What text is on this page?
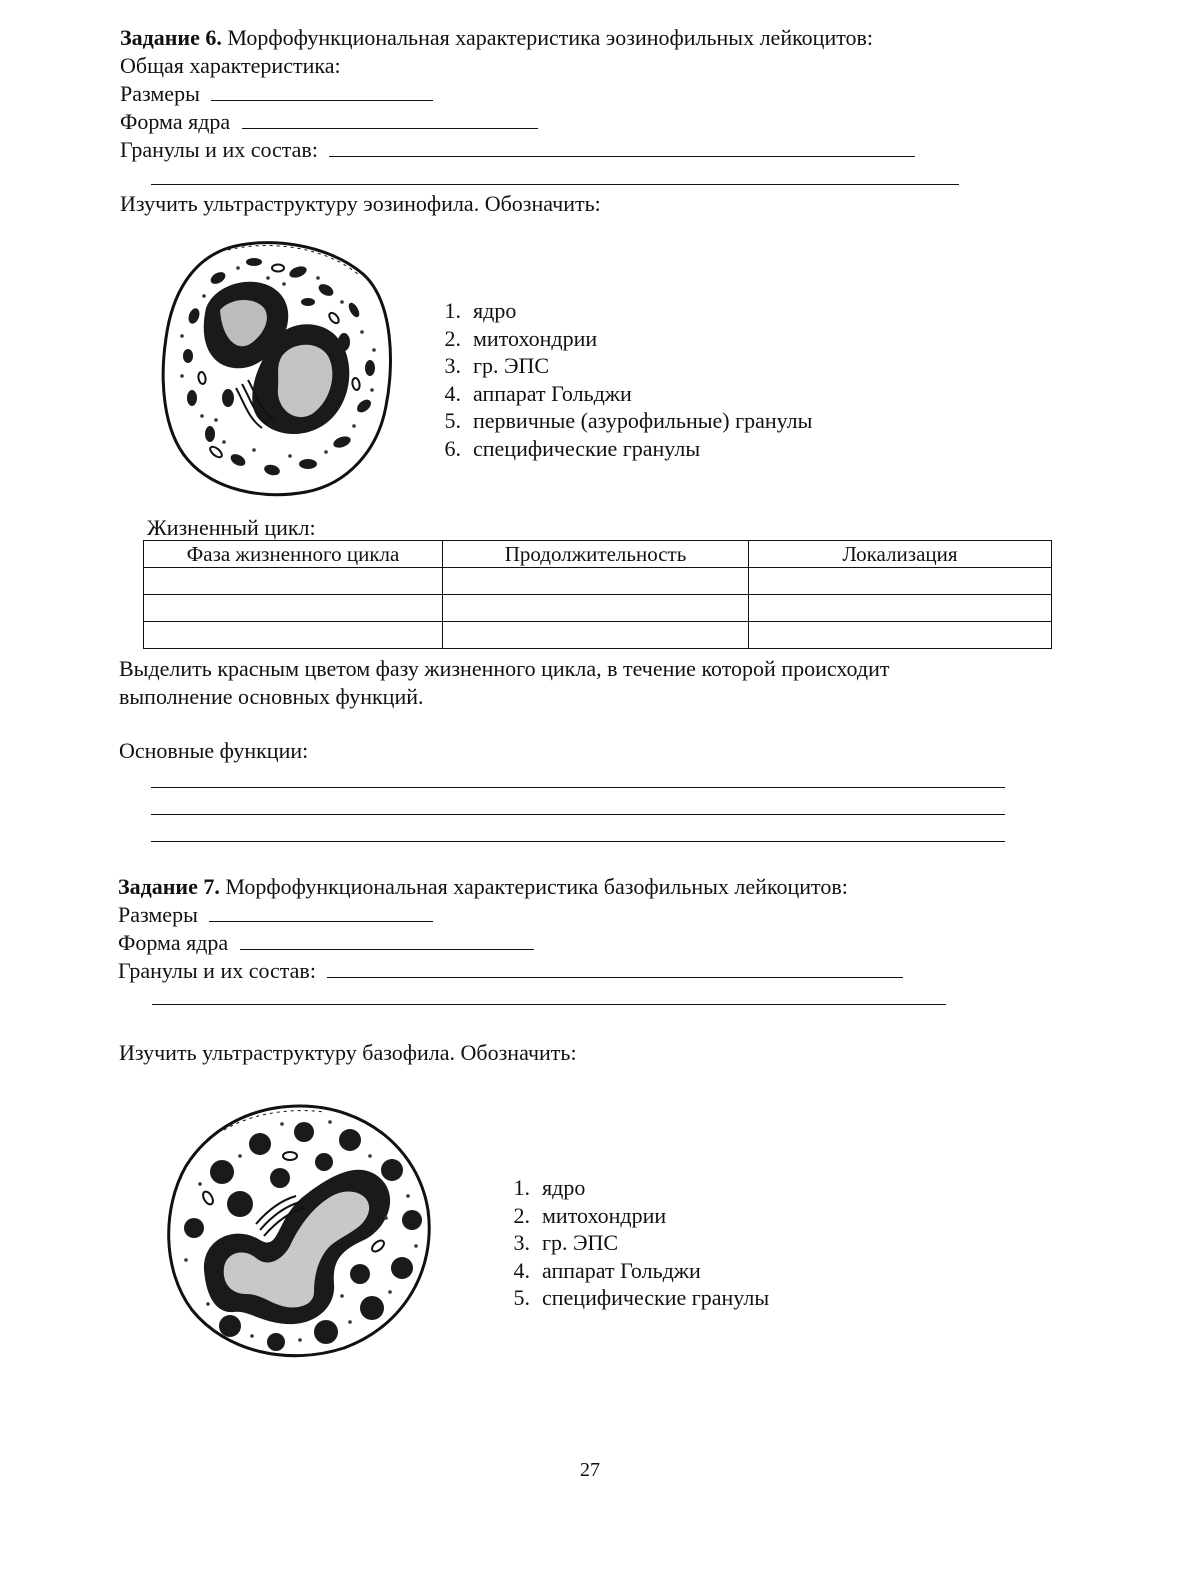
Задание 6. Морфофункциональная характеристика эозинофильных лейкоцитов:
Общая характеристика:
Размеры
Форма ядра
Гранулы и их состав:
Изучить ультраструктуру эозинофила. Обозначить:
1. ядро
2. митохондрии
3. гр. ЭПС
4. аппарат Гольджи
5. первичные (азурофильные) гранулы
6. специфические гранулы
Жизненный цикл:
Фаза жизненного цикла	Продолжительность	Локализация

Выделить красным цветом фазу жизненного цикла, в течение которой происходит
выполнение основных функций.
Основные функции:
Задание 7. Морфофункциональная характеристика базофильных лейкоцитов:
Размеры
Форма ядра
Гранулы и их состав:
Изучить ультраструктуру базофила. Обозначить:
1. ядро
2. митохондрии
3. гр. ЭПС
4. аппарат Гольджи
5. специфические гранулы
27
